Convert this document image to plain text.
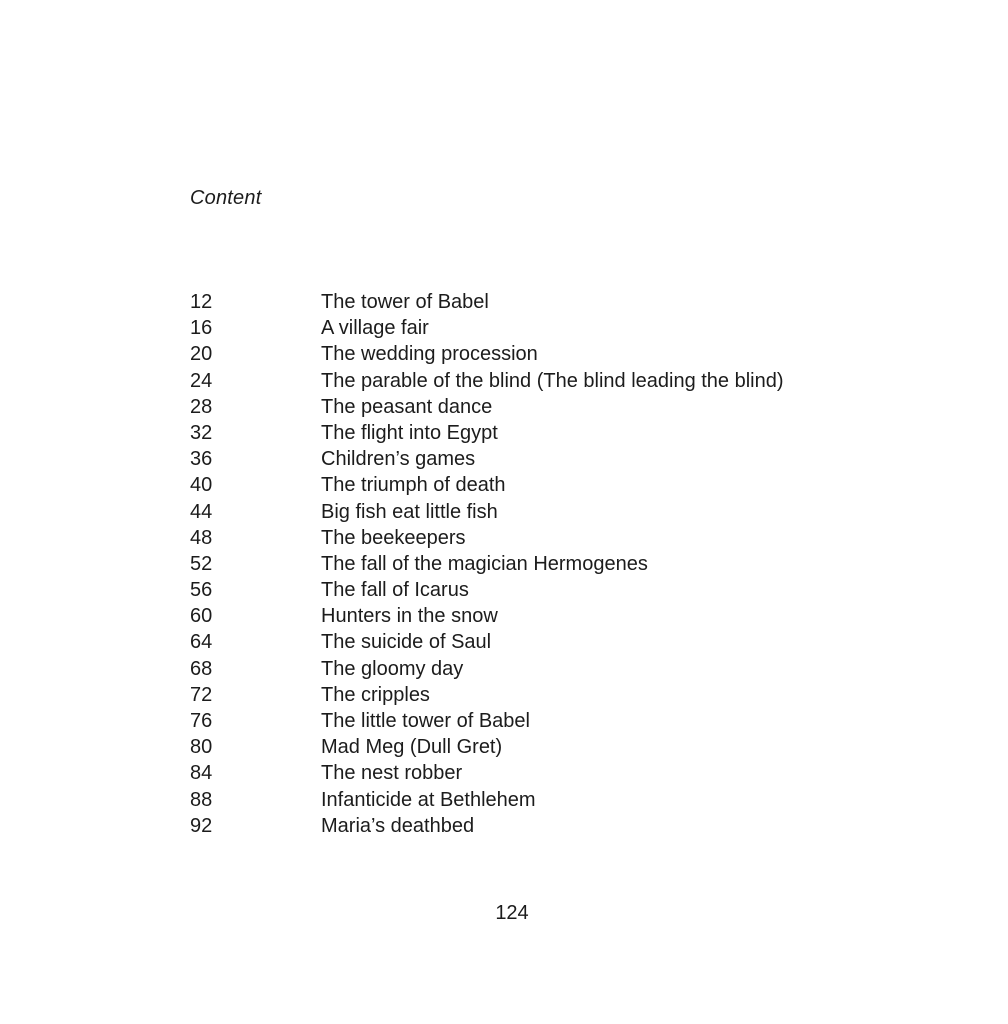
Content
12	The tower of Babel
16	A village fair
20	The wedding procession
24	The parable of the blind (The blind leading the blind)
28	The peasant dance
32	The flight into Egypt
36	Children’s games
40	The triumph of death
44	Big fish eat little fish
48	The beekeepers
52	The fall of the magician Hermogenes
56	The fall of Icarus
60	Hunters in the snow
64	The suicide of Saul
68	The gloomy day
72	The cripples
76	The little tower of Babel
80	Mad Meg (Dull Gret)
84	The nest robber
88	Infanticide at Bethlehem
92	Maria’s deathbed
124
